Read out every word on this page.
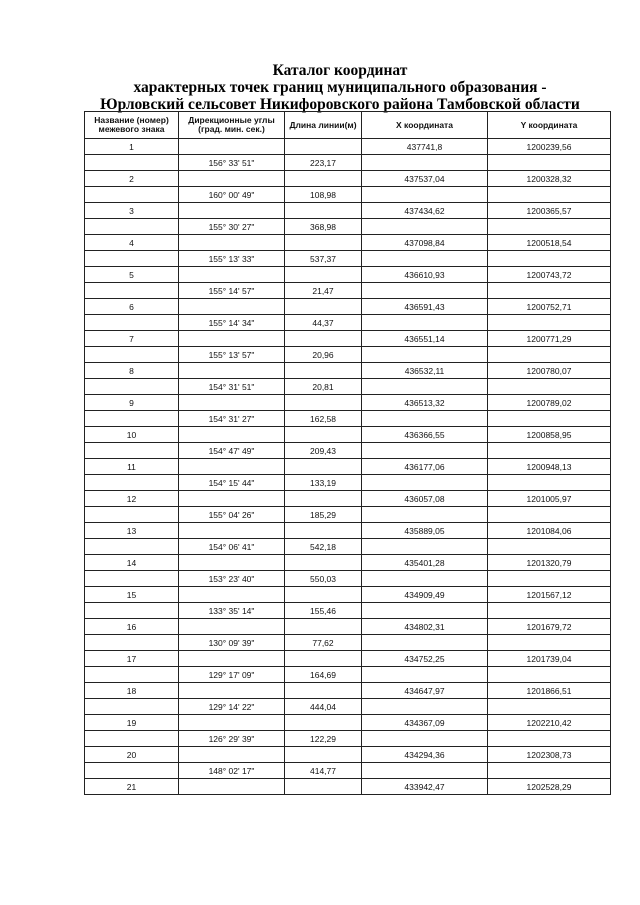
Каталог координат
характерных точек границ муниципального образования -
Юрловский сельсовет Никифоровского района Тамбовской области
Название (номер) межевого знака	Дирекционные углы (град. мин. сек.)	Длина линии(м)	X координата	Y координата
1			437741,8	1200239,56
	156° 33' 51"	223,17		
2			437537,04	1200328,32
	160° 00' 49"	108,98		
3			437434,62	1200365,57
	155° 30' 27"	368,98		
4			437098,84	1200518,54
	155° 13' 33"	537,37		
5			436610,93	1200743,72
	155° 14' 57"	21,47		
6			436591,43	1200752,71
	155° 14' 34"	44,37		
7			436551,14	1200771,29
	155° 13' 57"	20,96		
8			436532,11	1200780,07
	154° 31' 51"	20,81		
9			436513,32	1200789,02
	154° 31' 27"	162,58		
10			436366,55	1200858,95
	154° 47' 49"	209,43		
11			436177,06	1200948,13
	154° 15' 44"	133,19		
12			436057,08	1201005,97
	155° 04' 26"	185,29		
13			435889,05	1201084,06
	154° 06' 41"	542,18		
14			435401,28	1201320,79
	153° 23' 40"	550,03		
15			434909,49	1201567,12
	133° 35' 14"	155,46		
16			434802,31	1201679,72
	130° 09' 39"	77,62		
17			434752,25	1201739,04
	129° 17' 09"	164,69		
18			434647,97	1201866,51
	129° 14' 22"	444,04		
19			434367,09	1202210,42
	126° 29' 39"	122,29		
20			434294,36	1202308,73
	148° 02' 17"	414,77		
21			433942,47	1202528,29
